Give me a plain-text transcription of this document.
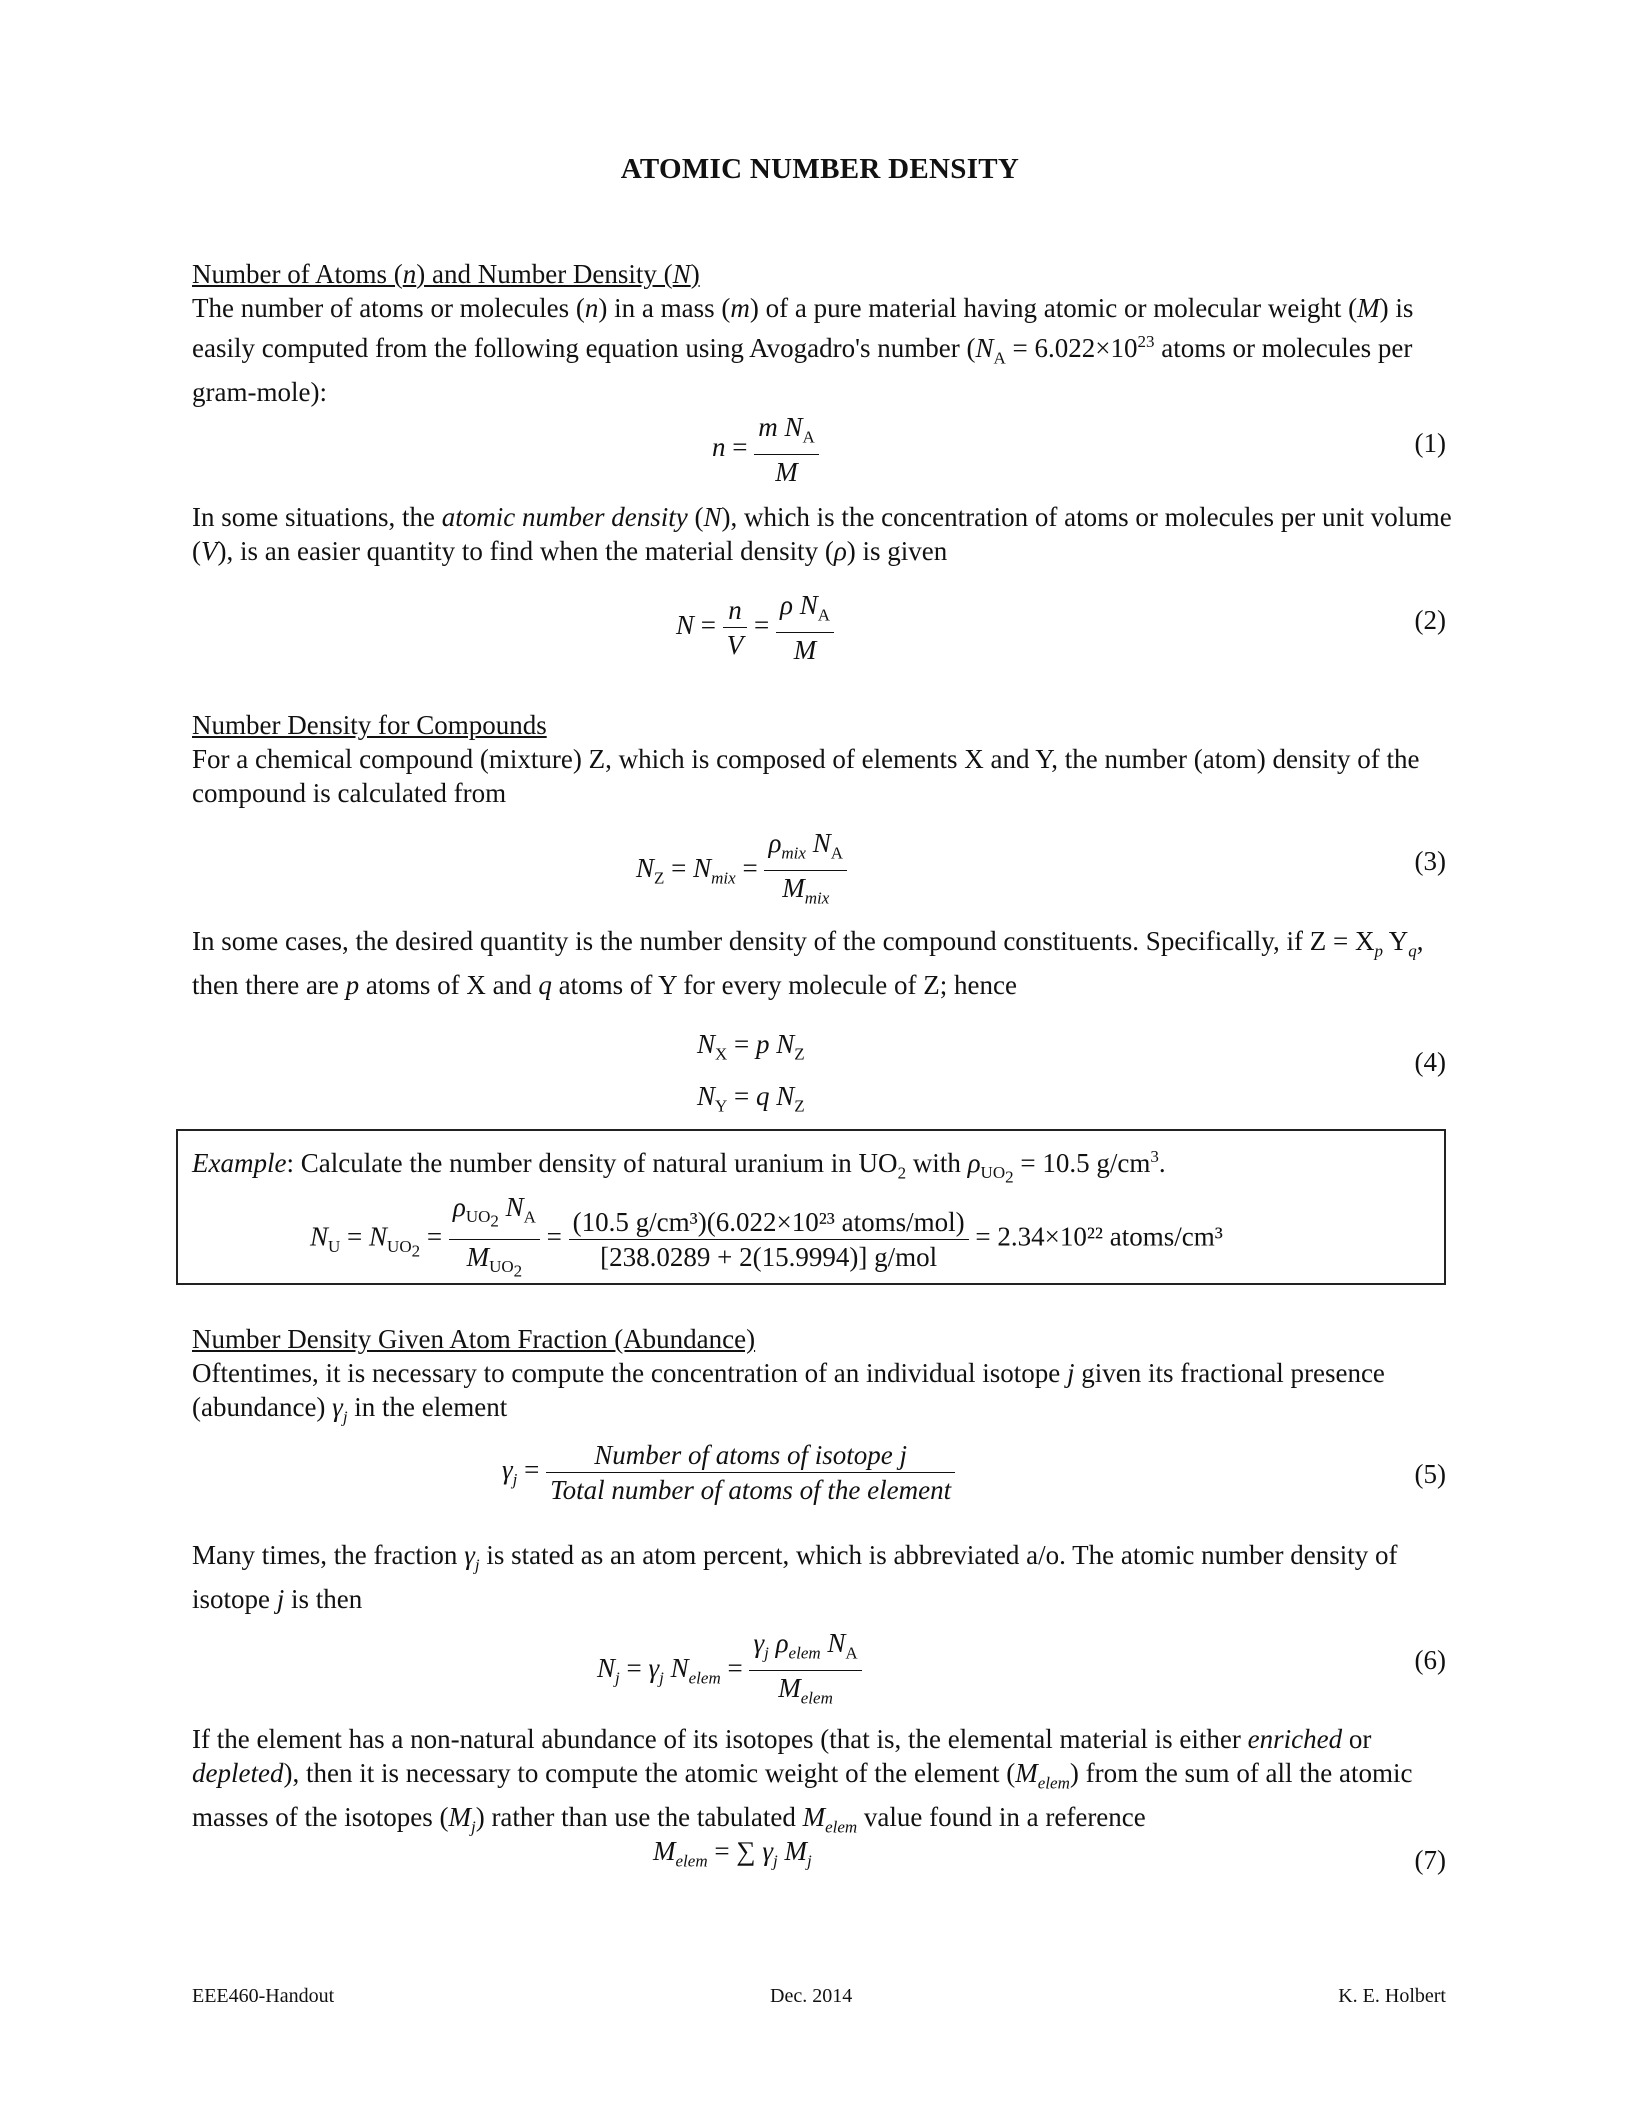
ATOMIC NUMBER DENSITY

Number of Atoms (n) and Number Density (N)

The number of atoms or molecules (n) in a mass (m) of a pure material having atomic or molecular weight (M) is easily computed from the following equation using Avogadro's number ($N_A = 6.022\times 10^{23}$ atoms or molecules per gram-mole):

$n = \frac{m N_A}{M}$	(1)

In some situations, the atomic number density (N), which is the concentration of atoms or molecules per unit volume (V), is an easier quantity to find when the material density (ρ) is given

$N = \frac{n}{V} = \frac{\rho N_A}{M}$	(2)

Number Density for Compounds

For a chemical compound (mixture) Z, which is composed of elements X and Y, the number (atom) density of the compound is calculated from

$N_Z = N_{mix} = \frac{\rho_{mix} N_A}{M_{mix}}$	(3)

In some cases, the desired quantity is the number density of the compound constituents. Specifically, if $Z = X_p$ $Y_q$, then there are p atoms of X and q atoms of Y for every molecule of Z; hence

$N_X = p$ $N_Z$
$N_Y = q$ $N_Z$
(4)

Example: Calculate the number density of natural uranium in $UO_2$ with $\rho_{UO_2} = 10.5$ $g/cm^3$.

$N_U = N_{UO_2} = \frac{\rho_{UO_2} N_A}{M_{UO_2}} = \frac{\text{(10.5 g/cm³)(6.022×10²³ atoms/mol)}}{\text{[238.0289 + 2(15.9994)] g/mol}} = 2.34\times 10^{22}$ atoms/cm³

Number Density Given Atom Fraction (Abundance)

Oftentimes, it is necessary to compute the concentration of an individual isotope j given its fractional presence (abundance) $\gamma_j$ in the element

$\gamma_j = \frac{\text{Number of atoms of isotope j}}{\text{Total number of atoms of the element}}$	(5)

Many times, the fraction $\gamma_j$ is stated as an atom percent, which is abbreviated a/o. The atomic number density of isotope j is then

$N_j = \gamma_j$ $N_{elem} = \frac{\gamma_j \rho_{elem} N_A}{M_{elem}}$	(6)

If the element has a non-natural abundance of its isotopes (that is, the elemental material is either enriched or depleted), then it is necessary to compute the atomic weight of the element $(M_{elem})$ from the sum of all the atomic masses of the isotopes $(M_j)$ rather than use the tabulated $M_{elem}$ value found in a reference

$M_{elem}$ = ∑ $\gamma_j$ $M_j$	(7)
EEE460-Handout	Dec. 2014	K. E. Holbert
